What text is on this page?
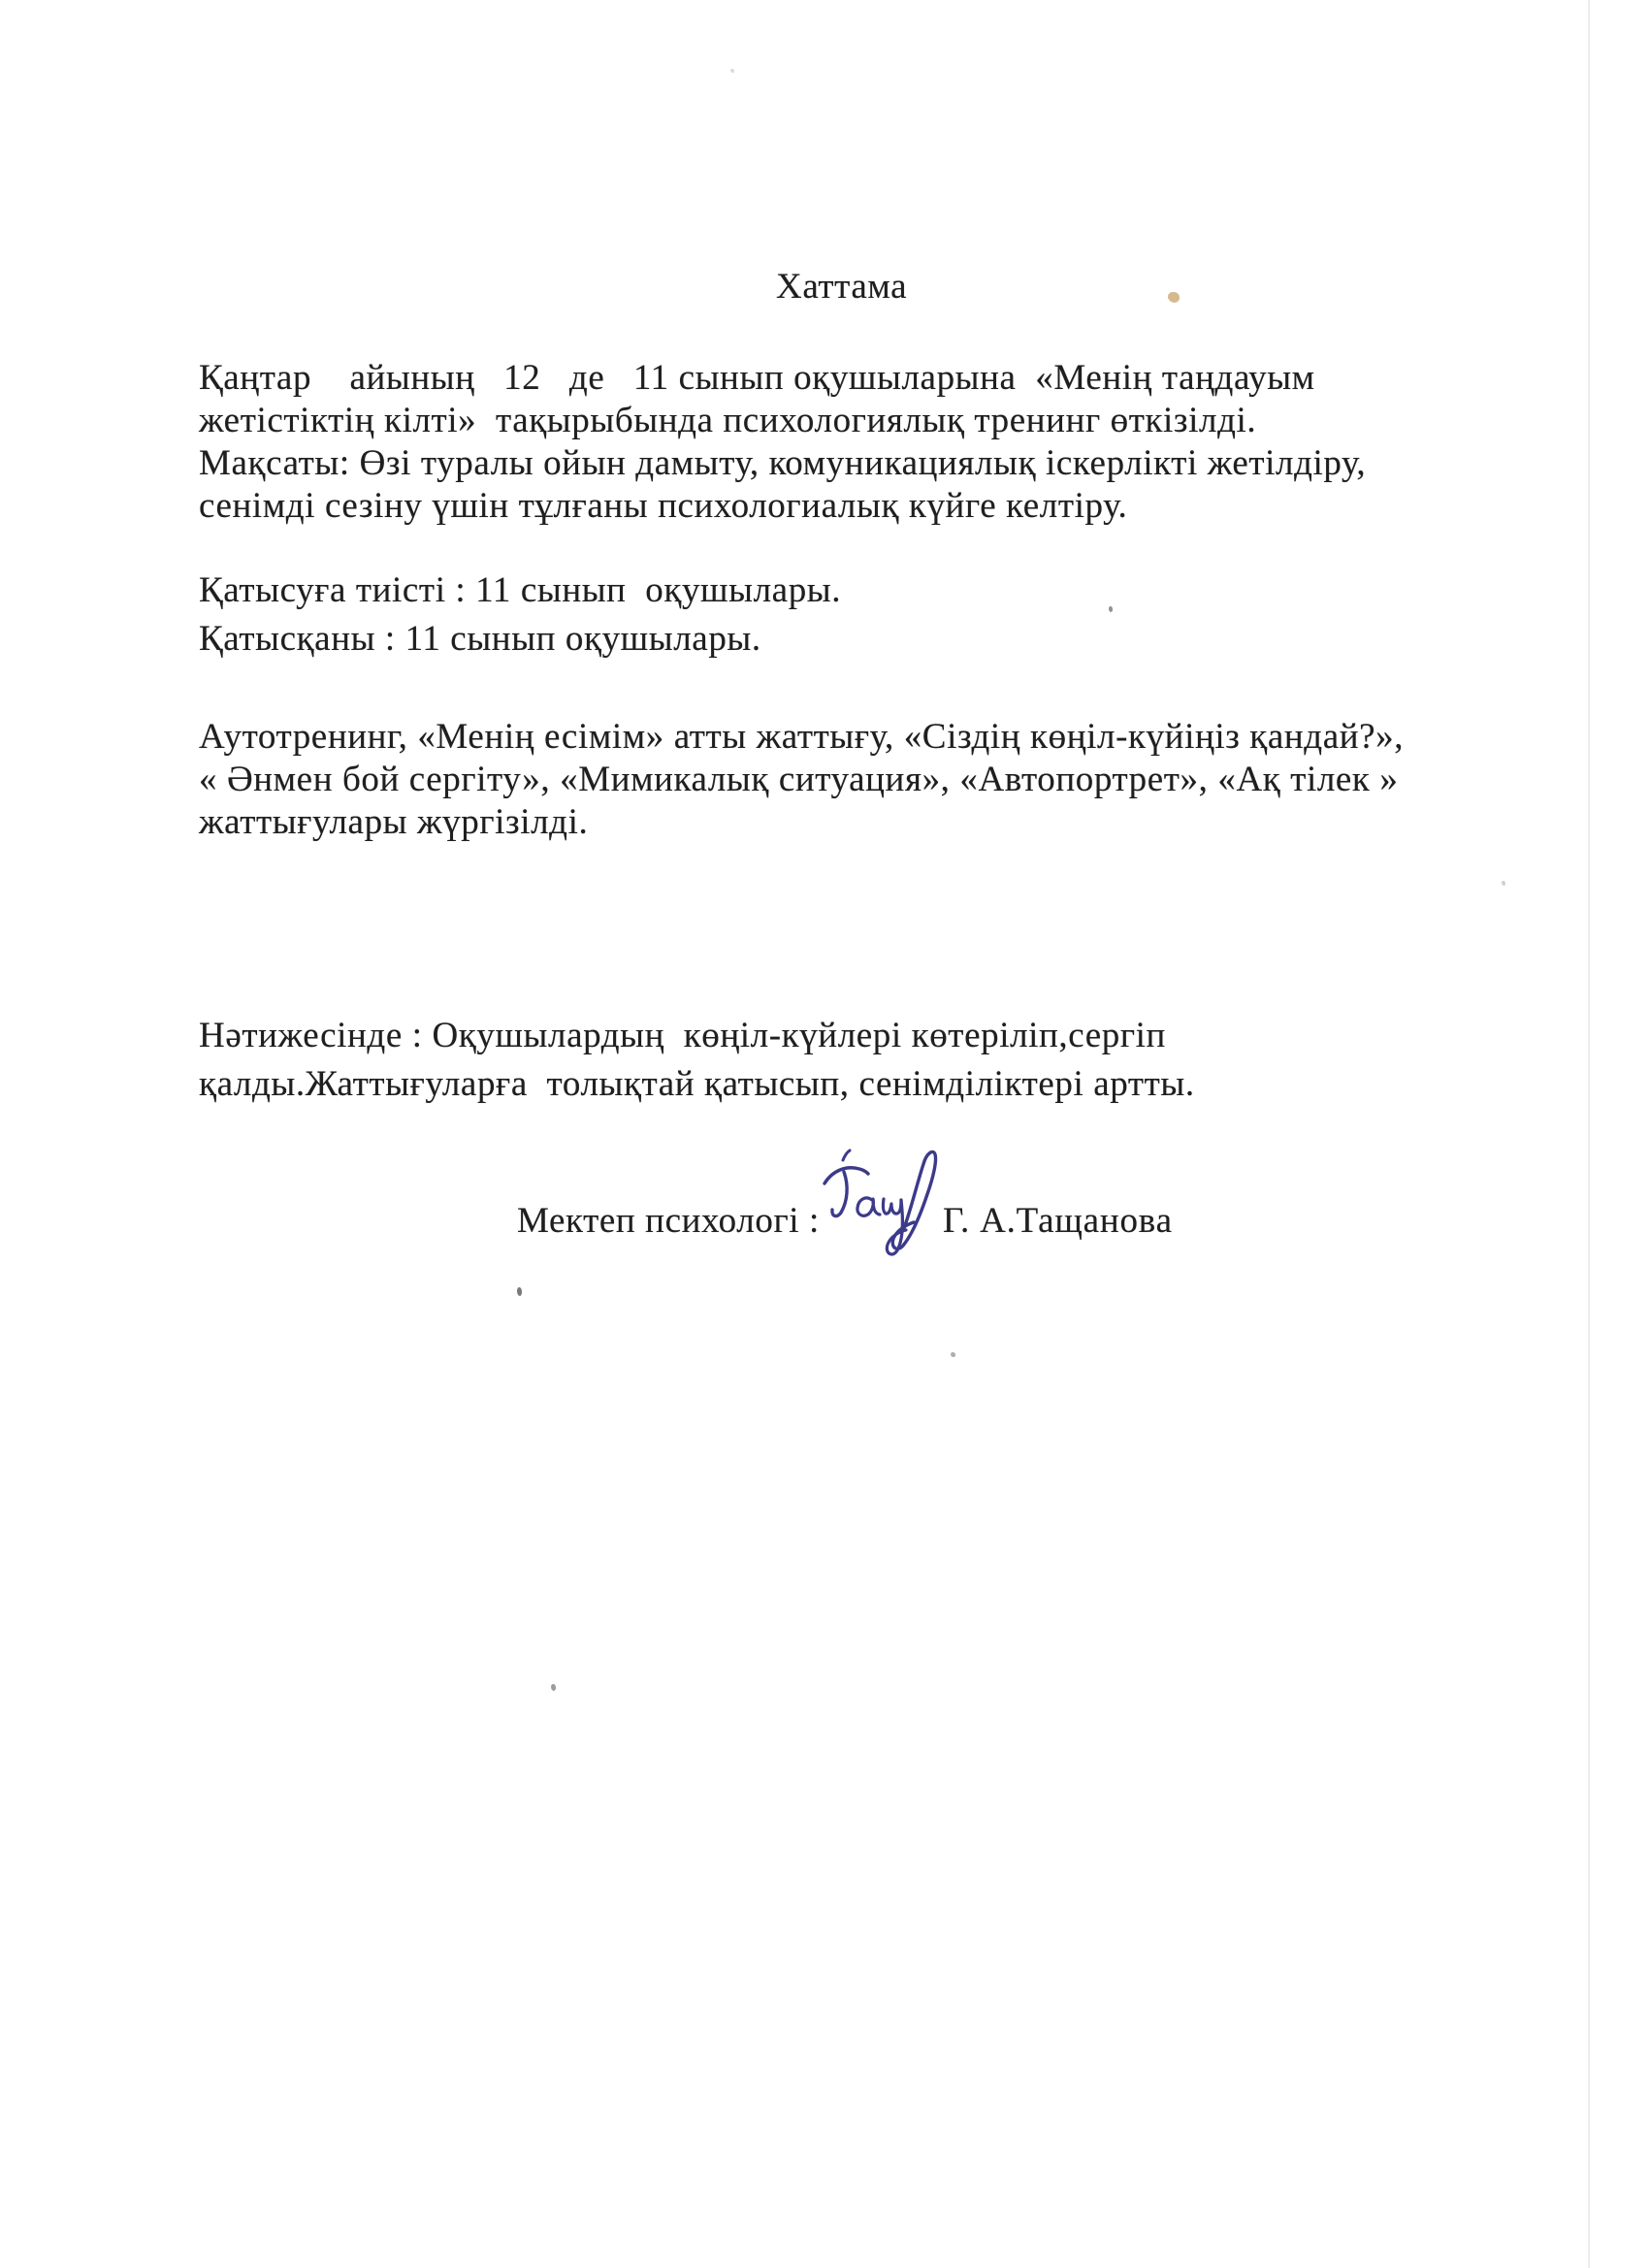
Хаттама
Қаңтар    айының   12   де   11 сынып оқушыларына  «Менің таңдауым
жетістіктің кілті»  тақырыбында психологиялық тренинг өткізілді.
Мақсаты: Өзі туралы ойын дамыту, комуникациялық іскерлікті жетілдіру,
сенімді сезіну үшін тұлғаны психологиалық күйге келтіру.
Қатысуға тиісті : 11 сынып  оқушылары.
Қатысқаны : 11 сынып оқушылары.
Аутотренинг, «Менің есімім» атты жаттығу, «Сіздің көңіл-күйіңіз қандай?»,
« Әнмен бой сергіту», «Мимикалық ситуация», «Автопортрет», «Ақ тілек »
жаттығулары жүргізілді.
Нәтижесінде : Оқушылардың  көңіл-күйлері көтеріліп,сергіп
қалды.Жаттығуларға  толықтай қатысып, сенімділіктері артты.
Мектеп психологі :	Г. А.Тащанова
